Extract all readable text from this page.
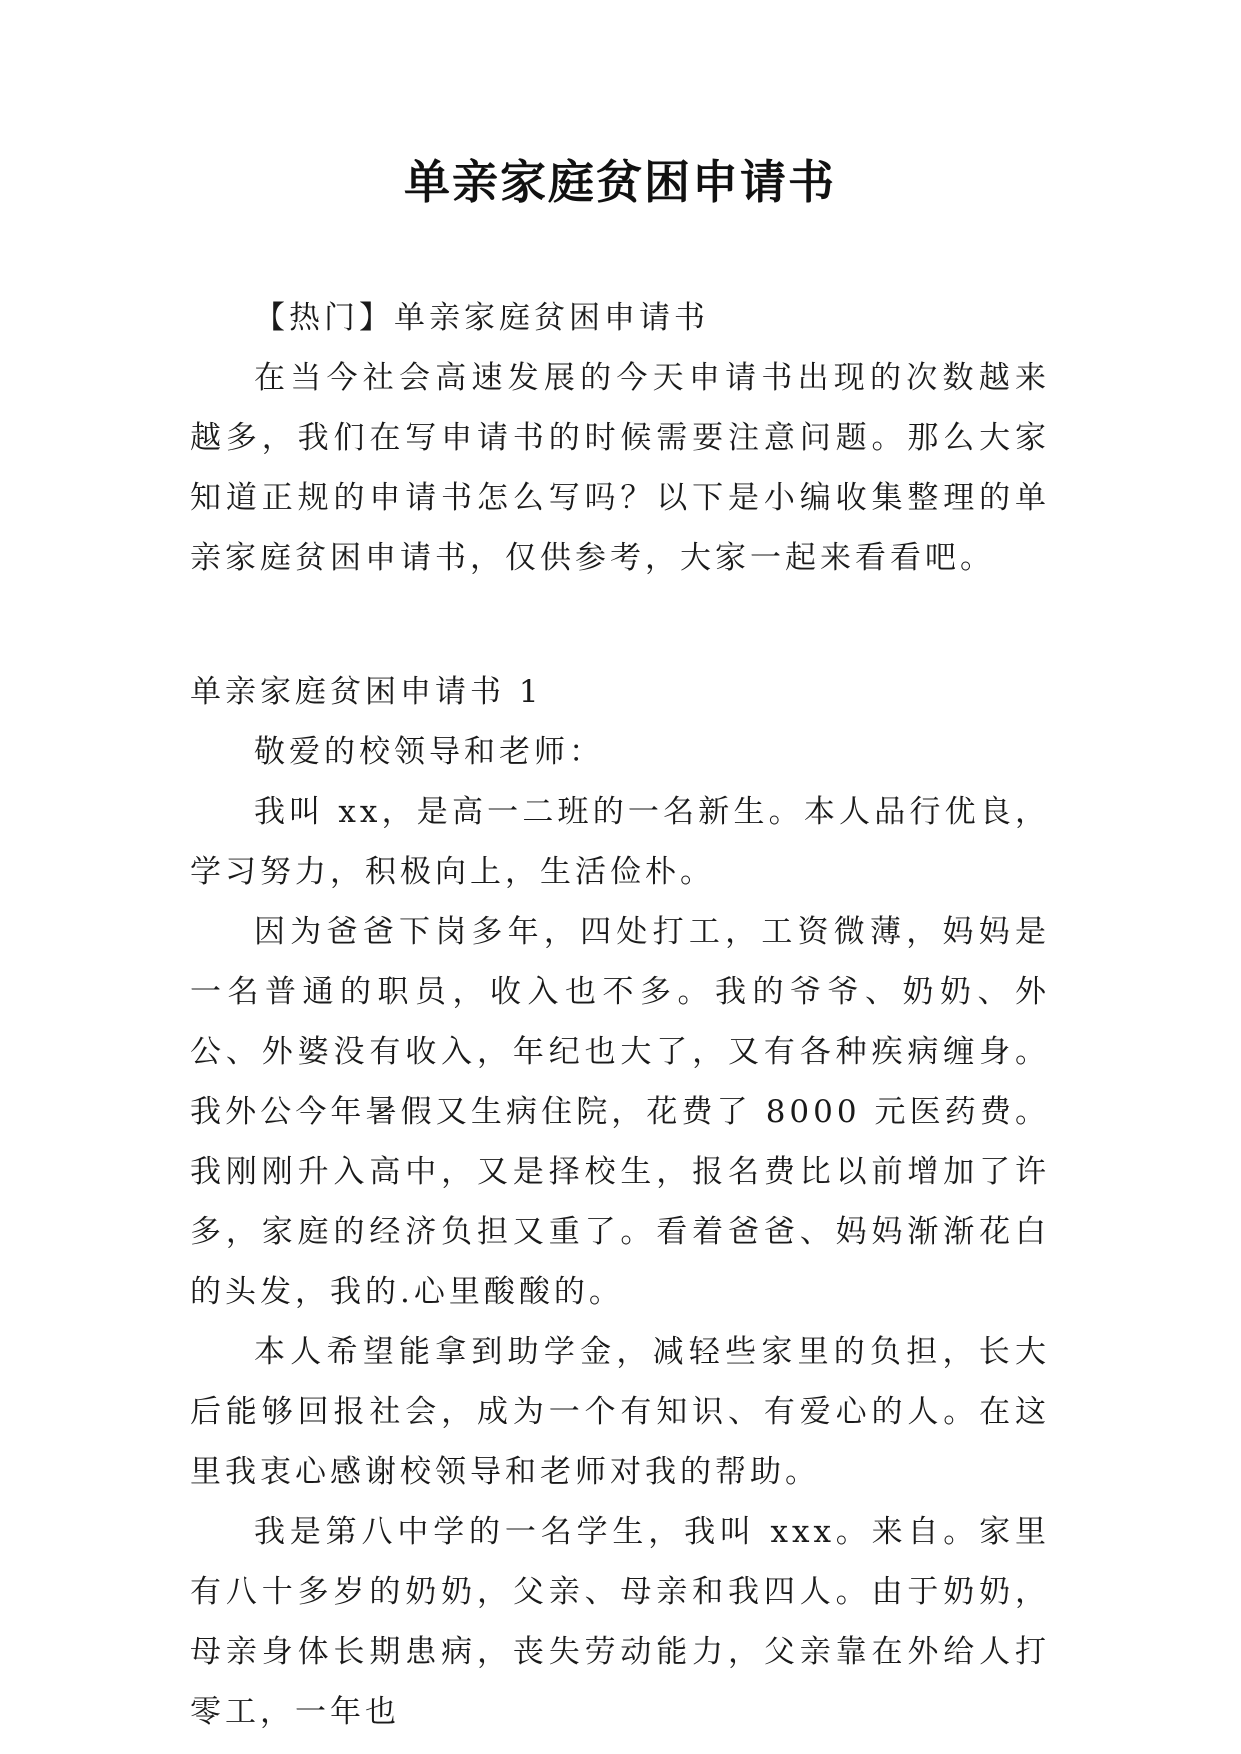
单亲家庭贫困申请书

【热门】单亲家庭贫困申请书

在当今社会高速发展的今天申请书出现的次数越来越多，我们在写申请书的时候需要注意问题。那么大家知道正规的申请书怎么写吗？以下是小编收集整理的单亲家庭贫困申请书，仅供参考，大家一起来看看吧。

单亲家庭贫困申请书 1

敬爱的校领导和老师：

我叫 xx，是高一二班的一名新生。本人品行优良，学习努力，积极向上，生活俭朴。

因为爸爸下岗多年，四处打工，工资微薄，妈妈是一名普通的职员，收入也不多。我的爷爷、奶奶、外公、外婆没有收入，年纪也大了，又有各种疾病缠身。我外公今年暑假又生病住院，花费了 8000 元医药费。我刚刚升入高中，又是择校生，报名费比以前增加了许多，家庭的经济负担又重了。看着爸爸、妈妈渐渐花白的头发，我的.心里酸酸的。

本人希望能拿到助学金，减轻些家里的负担，长大后能够回报社会，成为一个有知识、有爱心的人。在这里我衷心感谢校领导和老师对我的帮助。

我是第八中学的一名学生，我叫 xxx。来自。家里有八十多岁的奶奶，父亲、母亲和我四人。由于奶奶，母亲身体长期患病，丧失劳动能力，父亲靠在外给人打零工，一年也
